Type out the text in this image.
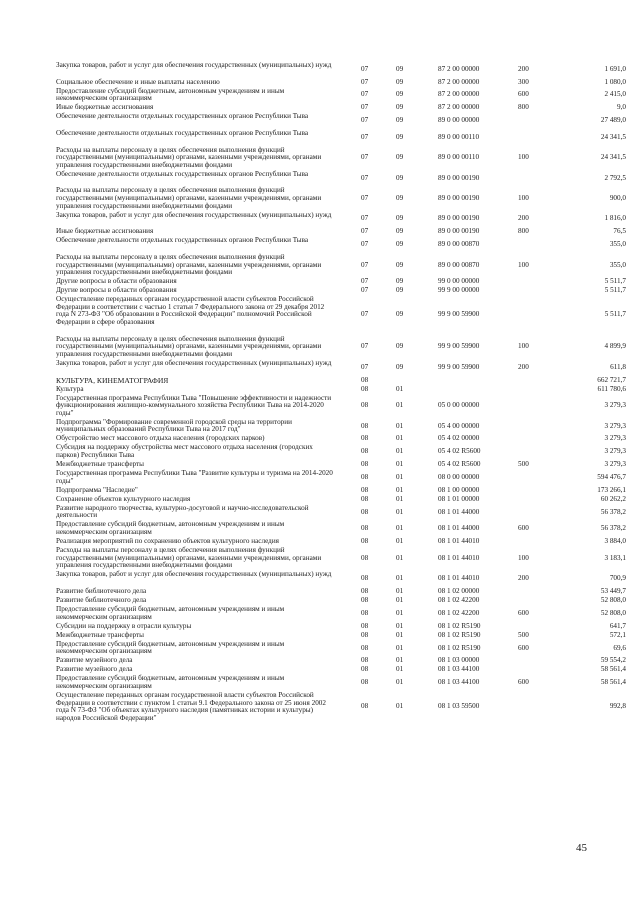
Закупка товаров, работ и услуг для обеспечения государственных (муниципальных) нужд	07	09	87 2 00 00000	200	1 691,0
Социальное обеспечение и иные выплаты населению	07	09	87 2 00 00000	300	1 080,0
Предоставление субсидий бюджетным, автономным учреждениям и иным некоммерческим организациям	07	09	87 2 00 00000	600	2 415,0
Иные бюджетные ассигнования	07	09	87 2 00 00000	800	9,0
Обеспечение деятельности отдельных государственных органов Республики Тыва	07	09	89 0 00 00000	27 489,0
Обеспечение деятельности отдельных государственных органов Республики Тыва	07	09	89 0 00 00110	24 341,5
Расходы на выплаты персоналу в целях обеспечения выполнения функций государственными (муниципальными) органами, казенными учреждениями, органами управления государственными внебюджетными фондами
07	09	89 0 00 00110	100	24 341,5
Обеспечение деятельности отдельных государственных органов Республики Тыва	07	09	89 0 00 00190	2 792,5
Расходы на выплаты персоналу в целях обеспечения выполнения функций государственными (муниципальными) органами, казенными учреждениями, органами управления государственными внебюджетными фондами
07	09	89 0 00 00190	100	900,0
Закупка товаров, работ и услуг для обеспечения государственных (муниципальных) нужд	07	09	89 0 00 00190	200	1 816,0
Иные бюджетные ассигнования	07	09	89 0 00 00190	800	76,5
Обеспечение деятельности отдельных государственных органов Республики Тыва	07	09	89 0 00 00870	355,0
Расходы на выплаты персоналу в целях обеспечения выполнения функций государственными (муниципальными) органами, казенными учреждениями, органами управления государственными внебюджетными фондами
07	09	89 0 00 00870	100	355,0
Другие вопросы в области образования	07	09	99 0 00 00000	5 511,7
Другие вопросы в области образования	07	09	99 9 00 00000	5 511,7
Осуществление переданных органам государственной власти субъектов Российской Федерации в соответствии с частью 1 статьи 7 Федерального закона от 29 декабря 2012 года N 273-ФЗ "Об образовании в Российской Федерации" полномочий Российской Федерации в сфере образования
07	09	99 9 00 59900	5 511,7
Расходы на выплаты персоналу в целях обеспечения выполнения функций государственными (муниципальными) органами, казенными учреждениями, органами управления государственными внебюджетными фондами
07	09	99 9 00 59900	100	4 899,9
Закупка товаров, работ и услуг для обеспечения государственных (муниципальных) нужд	07	09	99 9 00 59900	200	611,8
КУЛЬТУРА, КИНЕМАТОГРАФИЯ	08	662 721,7
Культура	08	01	611 780,6
Государственная программа Республики Тыва "Повышение эффективности и надежности функционирования жилищно-коммунального хозяйства Республики Тыва на 2014-2020 годы"
08	01	05 0 00 00000	3 279,3
Подпрограмма "Формирование современной городской среды на территории муниципальных образований Республики Тыва на 2017 год"	08	01	05 4 00 00000	3 279,3
Обустройство мест массового отдыха населения (городских парков)	08	01	05 4 02 00000	3 279,3
Субсидия на поддержку обустройства мест массового отдыха населения (городских парков) Республики Тыва	08	01	05 4 02 R5600	3 279,3
Межбюджетные трансферты	08	01	05 4 02 R5600	500	3 279,3
Государственная программа Республики Тыва "Развитие культуры и туризма на 2014-2020 годы"	08	01	08 0 00 00000	594 476,7
Подпрограмма "Наследие"	08	01	08 1 00 00000	173 266,1
Сохранение объектов культурного наследия	08	01	08 1 01 00000	60 262,2
Развитие народного творчества, культурно-досуговой и научно-исследовательской деятельности	08	01	08 1 01 44000	56 378,2
Предоставление субсидий бюджетным, автономным учреждениям и иным некоммерческим организациям	08	01	08 1 01 44000	600	56 378,2
Реализация мероприятий по сохранению объектов культурного наследия	08	01	08 1 01 44010	3 884,0
Расходы на выплаты персоналу в целях обеспечения выполнения функций государственными (муниципальными) органами, казенными учреждениями, органами управления государственными внебюджетными фондами
08	01	08 1 01 44010	100	3 183,1
Закупка товаров, работ и услуг для обеспечения государственных (муниципальных) нужд	08	01	08 1 01 44010	200	700,9
Развитие библиотечного дела	08	01	08 1 02 00000	53 449,7
Развитие библиотечного дела	08	01	08 1 02 42200	52 808,0
Предоставление субсидий бюджетным, автономным учреждениям и иным некоммерческим организациям	08	01	08 1 02 42200	600	52 808,0
Субсидии на поддержку в отрасли культуры	08	01	08 1 02 R5190	641,7
Межбюджетные трансферты	08	01	08 1 02 R5190	500	572,1
Предоставление субсидий бюджетным, автономным учреждениям и иным некоммерческим организациям	08	01	08 1 02 R5190	600	69,6
Развитие музейного дела	08	01	08 1 03 00000	59 554,2
Развитие музейного дела	08	01	08 1 03 44100	58 561,4
Предоставление субсидий бюджетным, автономным учреждениям и иным некоммерческим организациям	08	01	08 1 03 44100	600	58 561,4
Осуществление переданных органам государственной власти субъектов Российской Федерации в соответствии с пунктом 1 статьи 9.1 Федерального закона от 25 июня 2002 года N 73-ФЗ "Об объектах культурного наследия (памятниках истории и культуры) народов Российской Федерации"
08	01	08 1 03 59500	992,8
45
